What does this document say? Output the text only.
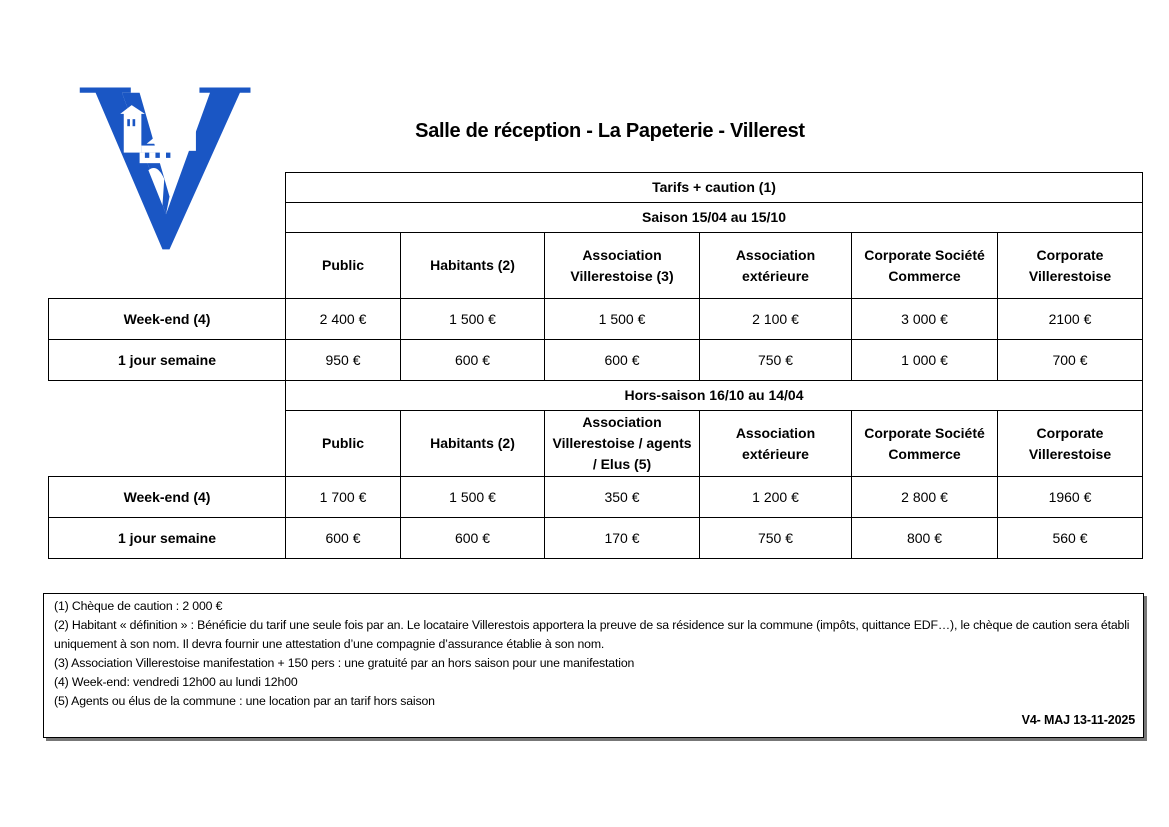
Salle de réception - La Papeterie - Villerest
	Tarifs + caution (1)					
	Saison 15/04 au 15/10					
	Public	Habitants (2)	Association Villerestoise (3)	Association extérieure	Corporate Société Commerce	Corporate Villerestoise
Week-end (4)	2 400 €	1 500 €	1 500 €	2 100 €	3 000 €	2100 €
1 jour semaine	950 €	600 €	600 €	750 €	1 000 €	700 €
	Hors-saison 16/10 au 14/04					
	Public	Habitants (2)	Association Villerestoise / agents / Elus (5)	Association extérieure	Corporate Société Commerce	Corporate Villerestoise
Week-end (4)	1 700 €	1 500 €	350 €	1 200 €	2 800 €	1960 €
1 jour semaine	600 €	600 €	170 €	750 €	800 €	560 €

(1) Chèque de caution : 2 000 €

(2) Habitant « définition » : Bénéficie du tarif une seule fois par an. Le locataire Villerestois apportera la preuve de sa résidence sur la commune (impôts, quittance EDF…), le chèque de caution sera établi uniquement à son nom. Il devra fournir une attestation d’une compagnie d’assurance établie à son nom.

(3) Association Villerestoise manifestation + 150 pers : une gratuité par an hors saison pour une manifestation

(4) Week-end: vendredi 12h00 au lundi 12h00

(5) Agents ou élus de la commune : une location par an tarif hors saison

V4- MAJ 13-11-2025
